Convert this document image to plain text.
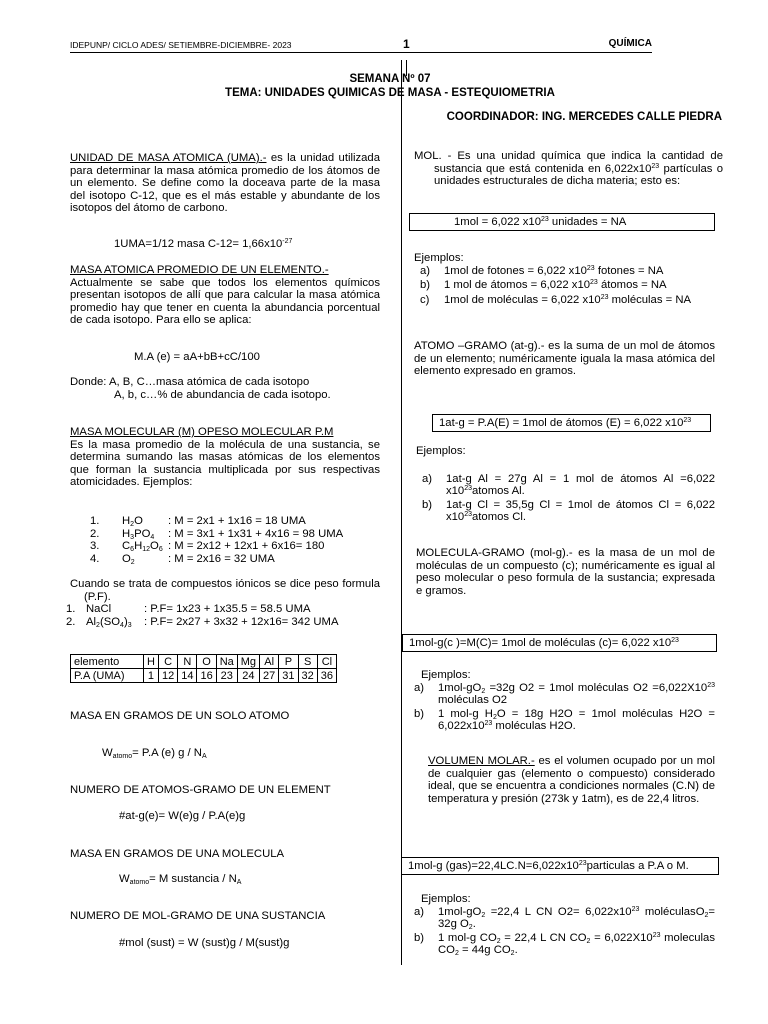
IDEPUNP/ CICLO ADES/ SETIEMBRE-DICIEMBRE- 2023	1	QUÍMICA
SEMANA Nº 07
TEMA: UNIDADES QUIMICAS DE MASA - ESTEQUIOMETRIA
COORDINADOR: ING. MERCEDES CALLE PIEDRA
UNIDAD DE MASA ATOMICA (UMA).- es la unidad utilizada para determinar la masa atómica promedio de los átomos de un elemento. Se define como la doceava parte de la masa del isotopo C-12, que es el más estable y abundante de los isotopos del átomo de carbono.
1UMA=1/12 masa $C-12= 1,66x10^{-27}$
MASA ATOMICA PROMEDIO DE UN ELEMENTO.-
Actualmente se sabe que todos los elementos químicos presentan isotopos de allí que para calcular la masa atómica promedio hay que tener en cuenta la abundancia porcentual de cada isotopo. Para ello se aplica:
M.A (e) = aA+bB+cC/100
Donde: A, B, C…masa atómica de cada isotopo
A, b, c…% de abundancia de cada isotopo.
MASA MOLECULAR (M) OPESO MOLECULAR P.M
Es la masa promedio de la molécula de una sustancia, se determina sumando las masas atómicas de los elementos que forman la sustancia multiplicada por sus respectivas atomicidades. Ejemplos:
1.	$H_2O$	: M = 2x1 + 1x16 = 18 UMA
2.	$H_3PO_4$	: M = 3x1 + 1x31 + 4x16 = 98 UMA
3.	$C_6H_{12}O_6$ : M = 2x12 + 12x1 + 6x16= 180
4.	$O_2$	: M = 2x16 = 32 UMA
Cuando se trata de compuestos iónicos se dice peso formula (P.F).
1. NaCl	: P.F= 1x23 + 1x35.5 = 58.5 UMA
2. $Al_2(SO_4)_3$	: P.F= 2x27 + 3x32 + 12x16= 342 UMA
elemento	H	C	N	O	Na	Mg	Al	P	S	Cl
P.A (UMA)	1	12	14	16	23	24	27	31	32	36
MASA EN GRAMOS DE UN SOLO ATOMO
$W_{atomo}= P.A$ (e) g / $N_A$
NUMERO DE ATOMOS-GRAMO DE UN ELEMENT
#at-g(e)= W(e)g / P.A(e)g
MASA EN GRAMOS DE UNA MOLECULA
$W_{atomo}= M$ sustancia / $N_A$
NUMERO DE MOL-GRAMO DE UNA SUSTANCIA
#mol (sust) = W (sust)g / M(sust)g
MOL. - Es una unidad química que indica la cantidad de sustancia que está contenida en $6,022x10^{23}$ partículas o unidades estructurales de dicha materia; esto es:
1mol = 6,022 $x10^{23}$ unidades = NA
Ejemplos:
a)	1mol de fotones = 6,022 $x10^{23}$ fotones = NA
b)	1 mol de átomos = 6,022 $x10^{23}$ átomos = NA
c)	1mol de moléculas = 6,022 $x10^{23}$ moléculas = NA
ATOMO –GRAMO (at-g).- es la suma de un mol de átomos de un elemento; numéricamente iguala la masa atómica del elemento expresado en gramos.
1at-g = P.A(E) = 1mol de átomos (E) = 6,022 $x10^{23}$
Ejemplos:
a)	1at-g Al = 27g Al = 1 mol de átomos Al =6,022 $x10^{23}atomos$ Al.
b)	1at-g Cl = 35,5g Cl = 1mol de átomos Cl = 6,022 $x10^{23}atomos$ Cl.
MOLECULA-GRAMO (mol-g).- es la masa de un mol de moléculas de un compuesto (c); numéricamente es igual al peso molecular o peso formula de la sustancia; expresada e gramos.
1mol-g(c )=M(C)= 1mol de moléculas (c)= 6,022 $x10^{23}$
Ejemplos:
a)	$1mol-gO_2 =32g$ O2 = 1mol moléculas $O2 =6,022X10^{23}$ moléculas O2
b)	1 mol-g $H_2O = 18g$ H2O = 1mol moléculas $H2O = 6,022x10^{23}$ moléculas H2O.
VOLUMEN MOLAR.- es el volumen ocupado por un mol de cualquier gas (elemento o compuesto) considerado ideal, que se encuentra a condiciones normales (C.N) de temperatura y presión (273k y 1atm), es de 22,4 litros.
1mol-g $(gas)=22,4LC.N=6,022x10^{23}particulas$ a P.A o M.
Ejemplos:
a)	$1mol-gO_2 =22,4$ L CN $O2= 6,022x10^{23}$ moléculasO$_2$= 32g $O_2$.
b)	1 mol-g $CO_2 = 22,4$ L CN $CO_2 = 6,022X10^{23}$ moleculas $CO_2 = 44g$ $CO_2$.
